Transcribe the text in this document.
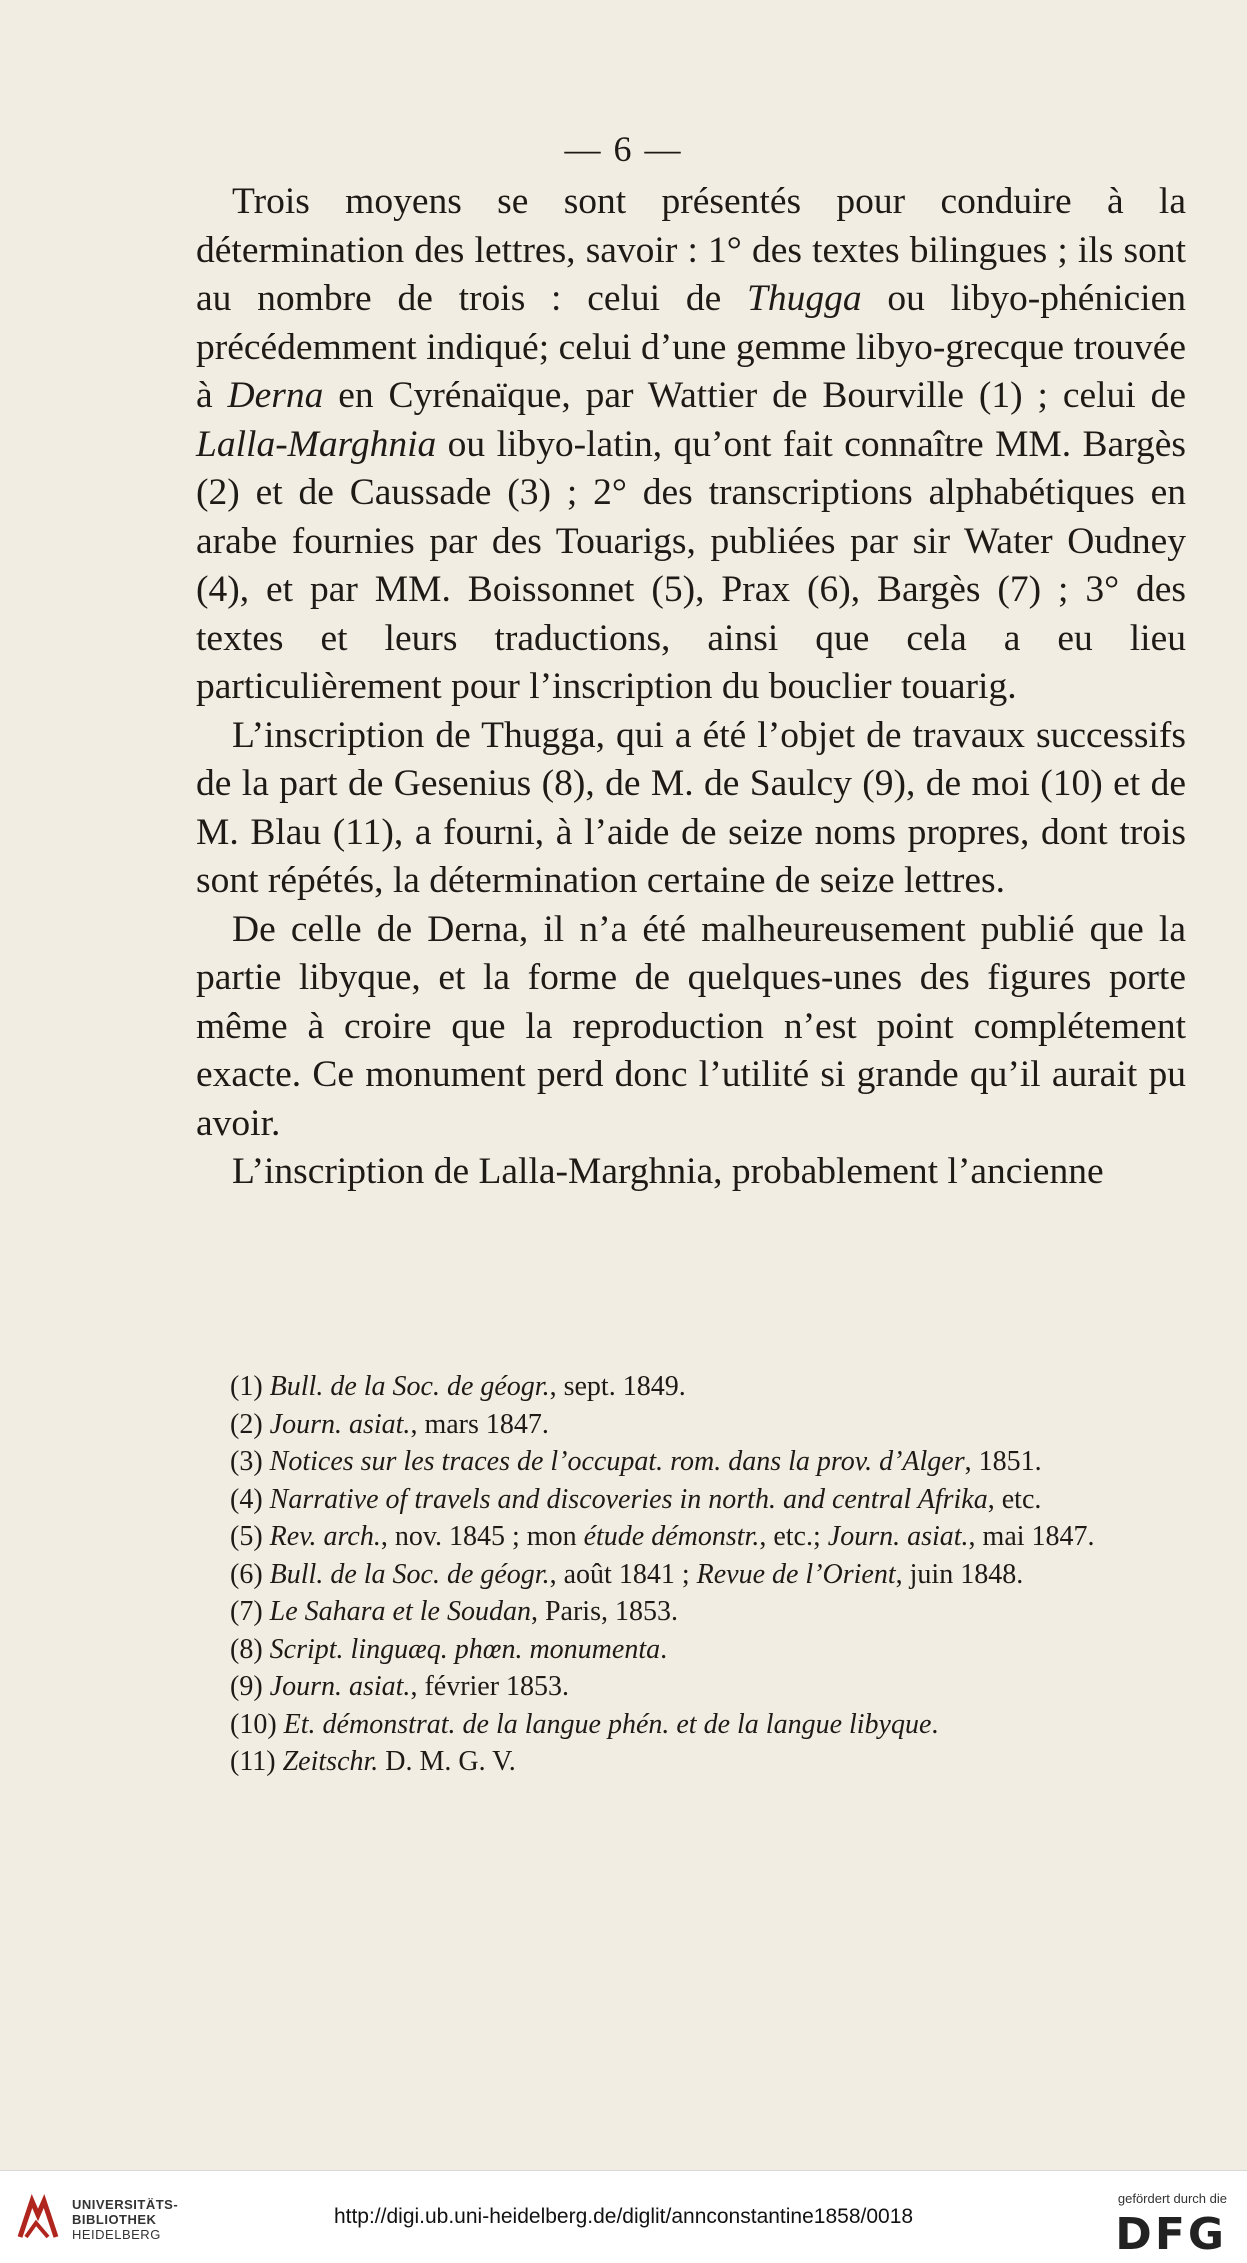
— 6 —

Trois moyens se sont présentés pour conduire à la détermination des lettres, savoir : 1° des textes bilingues ; ils sont au nombre de trois : celui de Thugga ou libyo-phénicien précédemment indiqué; celui d’une gemme libyo-grecque trouvée à Derna en Cyrénaïque, par Wattier de Bourville (1) ; celui de Lalla-Marghnia ou libyo-latin, qu’ont fait connaître MM. Bargès (2) et de Caussade (3) ; 2° des transcriptions alphabétiques en arabe fournies par des Touarigs, publiées par sir Water Oudney (4), et par MM. Boissonnet (5), Prax (6), Bargès (7) ; 3° des textes et leurs traductions, ainsi que cela a eu lieu particulièrement pour l’inscription du bouclier touarig.

L’inscription de Thugga, qui a été l’objet de travaux successifs de la part de Gesenius (8), de M. de Saulcy (9), de moi (10) et de M. Blau (11), a fourni, à l’aide de seize noms propres, dont trois sont répétés, la détermination certaine de seize lettres.

De celle de Derna, il n’a été malheureusement publié que la partie libyque, et la forme de quelques-unes des figures porte même à croire que la reproduction n’est point complétement exacte. Ce monument perd donc l’utilité si grande qu’il aurait pu avoir.

L’inscription de Lalla-Marghnia, probablement l’ancienne

(1) Bull. de la Soc. de géogr., sept. 1849.
(2) Journ. asiat., mars 1847.
(3) Notices sur les traces de l’occupat. rom. dans la prov. d’Alger, 1851.
(4) Narrative of travels and discoveries in north. and central Afrika, etc.
(5) Rev. arch., nov. 1845 ; mon étude démonstr., etc.; Journ. asiat., mai 1847.
(6) Bull. de la Soc. de géogr., août 1841 ; Revue de l’Orient, juin 1848.
(7) Le Sahara et le Soudan, Paris, 1853.
(8) Script. linguæq. phœn. monumenta.
(9) Journ. asiat., février 1853.
(10) Et. démonstrat. de la langue phén. et de la langue libyque.
(11) Zeitschr. D. M. G. V.
UNIVERSITÄTS-
BIBLIOTHEK
HEIDELBERG
http://digi.ub.uni-heidelberg.de/diglit/annconstantine1858/0018
gefördert durch die
DFG
